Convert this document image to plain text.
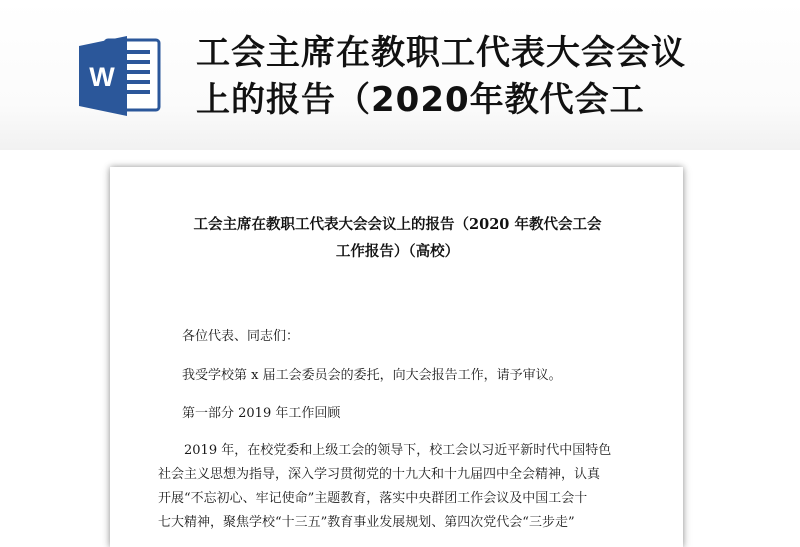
W
工会主席在教职工代表大会会议
上的报告（2020年教代会工
工会主席在教职工代表大会会议上的报告（2020 年教代会工会
工作报告）（高校）
各位代表、同志们：
我受学校第 x 届工会委员会的委托，向大会报告工作，请予审议。
第一部分 2019 年工作回顾
　　2019 年，在校党委和上级工会的领导下，校工会以习近平新时代中国特色
社会主义思想为指导，深入学习贯彻党的十九大和十九届四中全会精神，认真
开展“不忘初心、牢记使命”主题教育，落实中央群团工作会议及中国工会十
七大精神，聚焦学校“十三五”教育事业发展规划、第四次党代会“三步走”
